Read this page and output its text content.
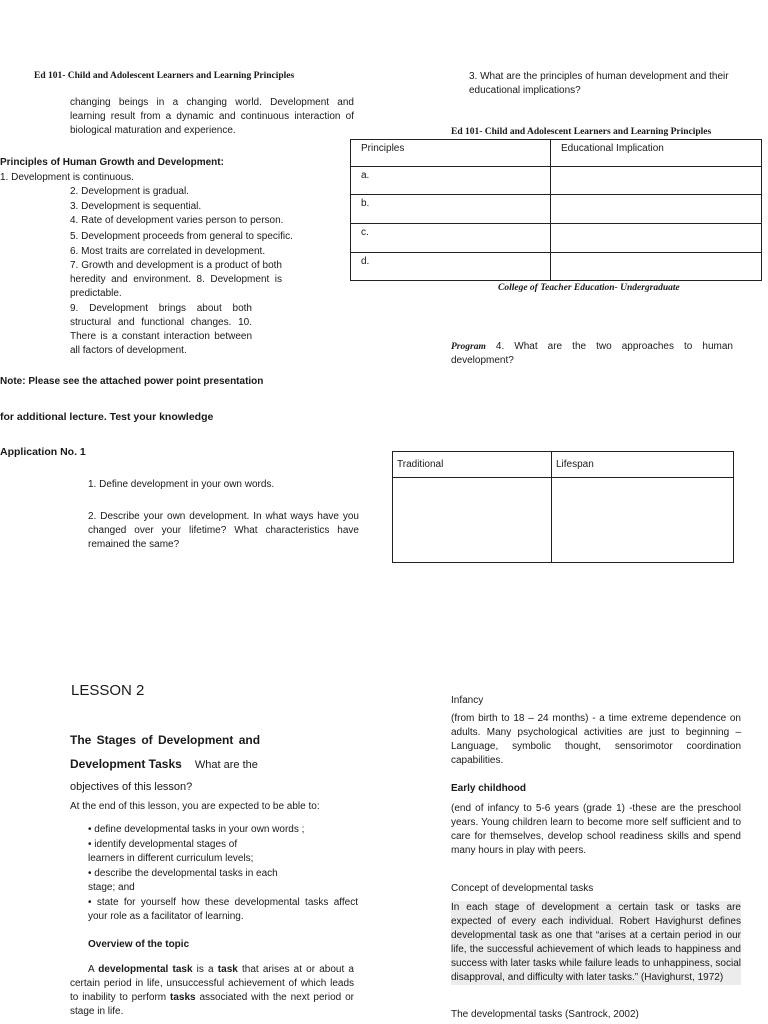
Ed 101- Child and Adolescent Learners and Learning Principles

changing beings in a changing world. Development and learning result from a dynamic and continuous interaction of biological maturation and experience.

Principles of Human Growth and Development:
1. Development is continuous.
2. Development is gradual.
3. Development is sequential.
4. Rate of development varies person to person.
5. Development proceeds from general to specific.
6. Most traits are correlated in development.

7. Growth and development is a product of both heredity and environment. 8. Development is predictable.

9. Development brings about both structural and functional changes. 10. There is a constant interaction between all factors of development.

Note: Please see the attached power point presentation
for additional lecture. Test your knowledge
Application No. 1
1. Define development in your own words.

2. Describe your own development. In what ways have you changed over your lifetime? What characteristics have remained the same?

3. What are the principles of human development and their educational implications?

Ed 101- Child and Adolescent Learners and Learning Principles
Principles	Educational Implication
a.	
b.	
c.	
d.	
College of Teacher Education- Undergraduate

Program 4. What are the two approaches to human development?

Traditional	Lifespan

LESSON 2
The Stages of Development and
Development Tasks What are the
objectives of this lesson?
At the end of this lesson, you are expected to be able to:

• define developmental tasks in your own words ;

• identify developmental stages of learners in different curriculum levels;

• describe the developmental tasks in each stage; and

• state for yourself how these developmental tasks affect your role as a facilitator of learning.

Overview of the topic

A developmental task is a task that arises at or about a certain period in life, unsuccessful achievement of which leads to inability to perform tasks associated with the next period or stage in life.

Infancy

(from birth to 18 – 24 months) - a time extreme dependence on adults. Many psychological activities are just to beginning – Language, symbolic thought, sensorimotor coordination capabilities.

Early childhood

(end of infancy to 5-6 years (grade 1) -these are the preschool years. Young children learn to become more self sufficient and to care for themselves, develop school readiness skills and spend many hours in play with peers.

Concept of developmental tasks

In each stage of development a certain task or tasks are expected of every each individual. Robert Havighurst defines developmental task as one that “arises at a certain period in our life, the successful achievement of which leads to happiness and success with later tasks while failure leads to unhappiness, social disapproval, and difficulty with later tasks.” (Havighurst, 1972)

The developmental tasks (Santrock, 2002)
